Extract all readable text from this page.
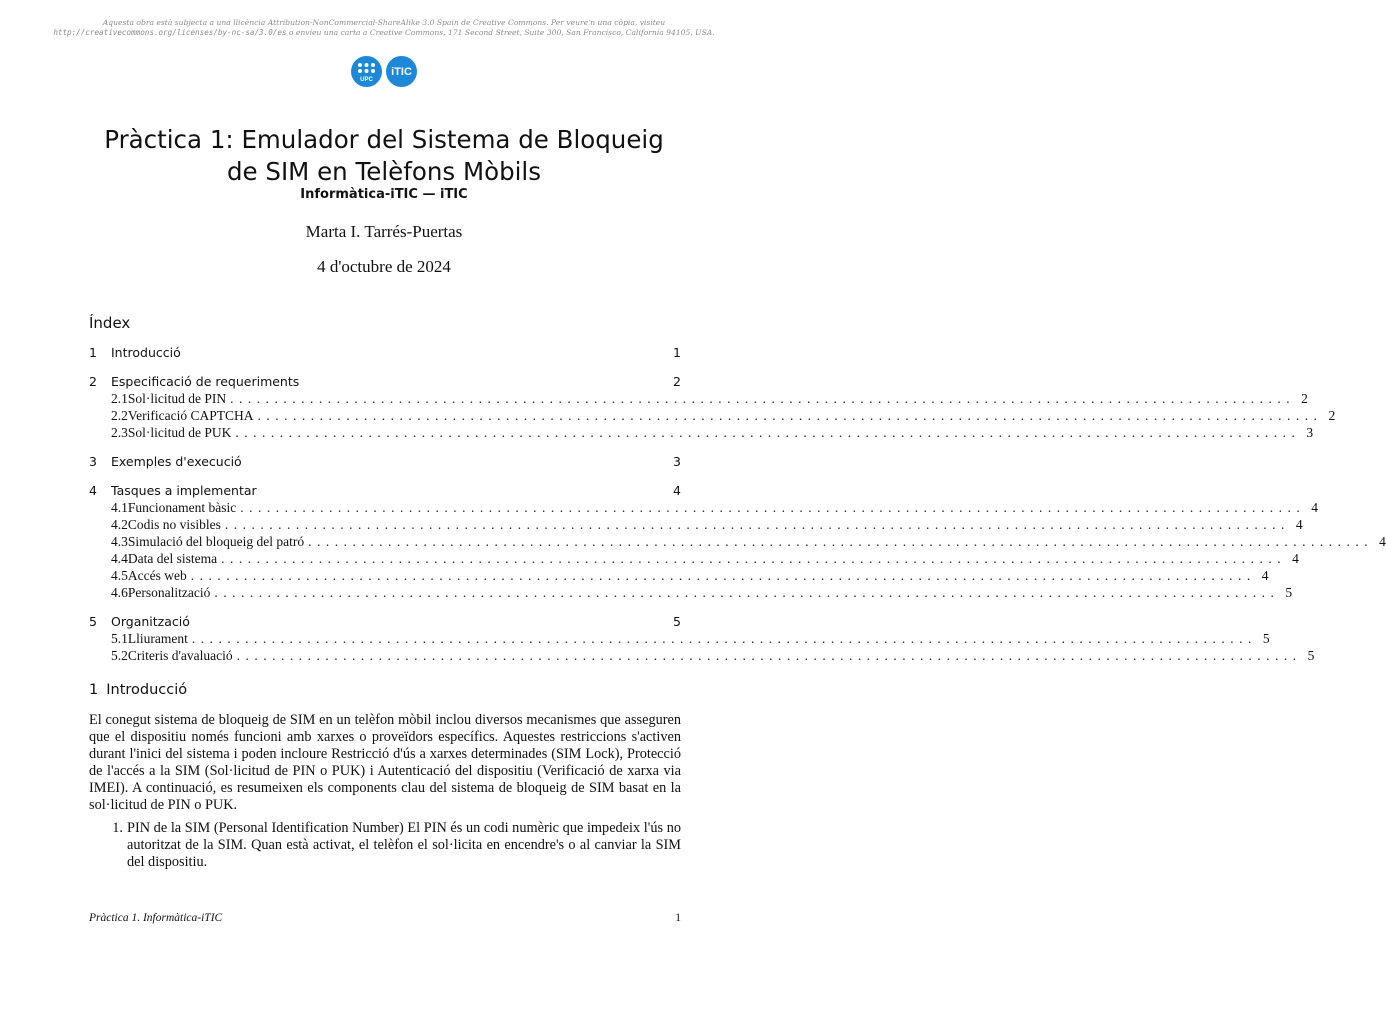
Aquesta obra està subjecta a una llicència Attribution-NonCommercial-ShareAlike 3.0 Spain de Creative Commons. Per veure'n una còpia, visiteu
http://creativecommons.org/licenses/by-nc-sa/3.0/es o envieu una carta a Creative Commons, 171 Second Street, Suite 300, San Francisco, California 94105, USA.
UPC
iTIC
Pràctica 1: Emulador del Sistema de Bloqueig
de SIM en Telèfons Mòbils
Informàtica-iTIC — iTIC
Marta I. Tarrés-Puertas
4 d'octubre de 2024
Índex
1	Introducció	1
2	Especificació de requeriments	2
2.1 Sol·licitud de PIN ........................................................................................................................ 2
2.2 Verificació CAPTCHA ........................................................................................................................ 2
2.3 Sol·licitud de PUK ........................................................................................................................ 3
3	Exemples d'execució	3
4	Tasques a implementar	4
4.1 Funcionament bàsic ........................................................................................................................ 4
4.2 Codis no visibles ........................................................................................................................ 4
4.3 Simulació del bloqueig del patró ........................................................................................................................ 4
4.4 Data del sistema ........................................................................................................................ 4
4.5 Accés web ........................................................................................................................ 4
4.6 Personalització ........................................................................................................................ 5
5	Organització	5
5.1 Lliurament ........................................................................................................................ 5
5.2 Criteris d'avaluació ........................................................................................................................ 5
1 Introducció
El conegut sistema de bloqueig de SIM en un telèfon mòbil inclou diversos mecanismes que asseguren que el dispositiu només funcioni amb xarxes o proveïdors específics. Aquestes restriccions s'activen durant l'inici del sistema i poden incloure Restricció d'ús a xarxes determinades (SIM Lock), Protecció de l'accés a la SIM (Sol·licitud de PIN o PUK) i Autenticació del dispositiu (Verificació de xarxa via IMEI). A continuació, es resumeixen els components clau del sistema de bloqueig de SIM basat en la sol·licitud de PIN o PUK.
1. PIN de la SIM (Personal Identification Number) El PIN és un codi numèric que impedeix l'ús no autoritzat de la SIM. Quan està activat, el telèfon el sol·licita en encendre's o al canviar la SIM del dispositiu.
Pràctica 1. Informàtica-iTIC	1
